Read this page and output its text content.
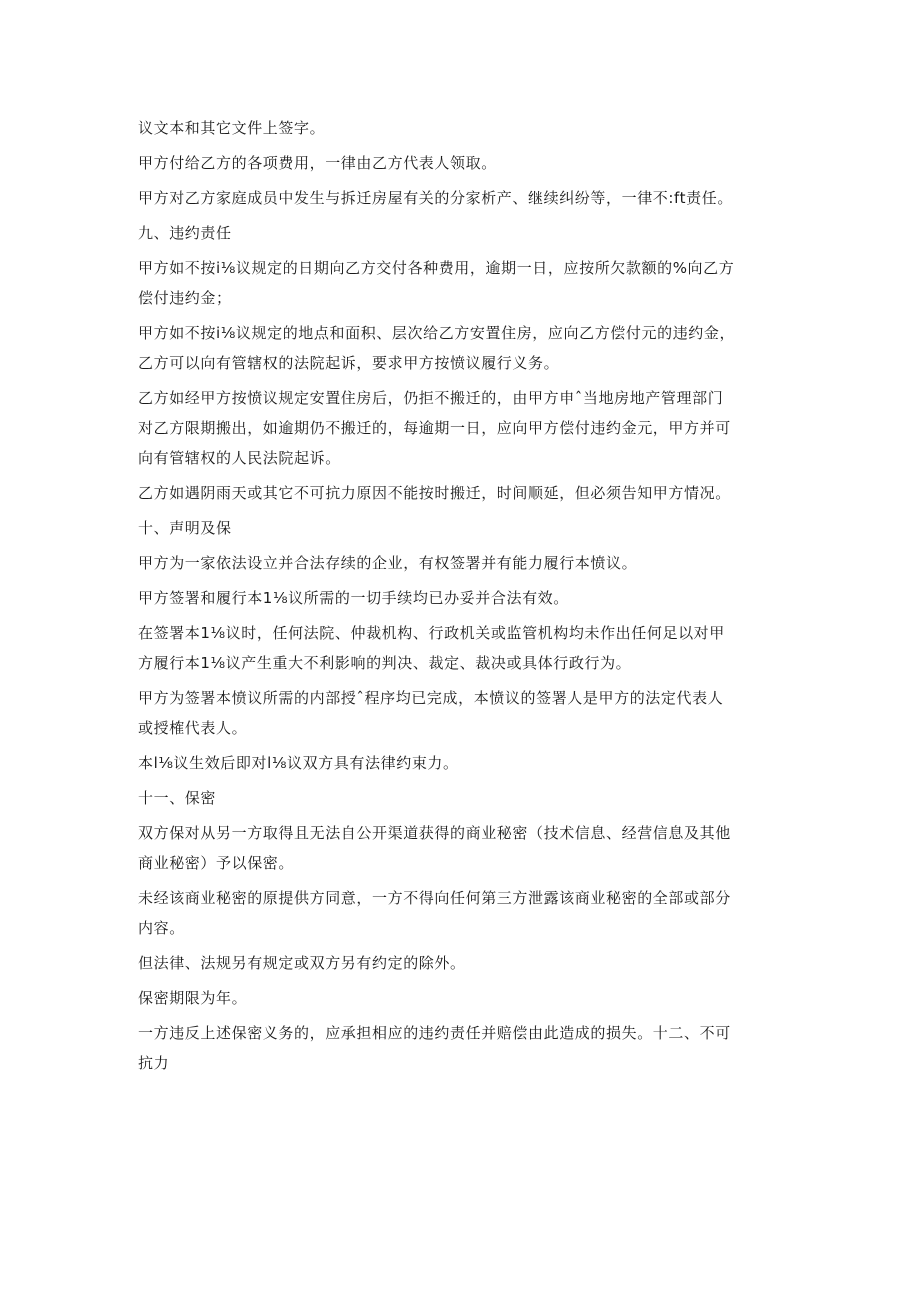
议文本和其它文件上签字。

甲方付给乙方的各项费用，一律由乙方代表人领取。

甲方对乙方家庭成员中发生与拆迁房屋有关的分家析产、继续纠纷等，一律不:ft责任。

九、违约责任

甲方如不按i⅛议规定的日期向乙方交付各种费用，逾期一日，应按所欠款额的%向乙方
偿付违约金；

甲方如不按i⅛议规定的地点和面积、层次给乙方安置住房，应向乙方偿付元的违约金，
乙方可以向有管辖权的法院起诉，要求甲方按愤议履行义务。

乙方如经甲方按愤议规定安置住房后，仍拒不搬迁的，由甲方申ˆ当地房地产管理部门
对乙方限期搬出，如逾期仍不搬迁的，每逾期一日，应向甲方偿付违约金元，甲方并可
向有管辖权的人民法院起诉。

乙方如遇阴雨天或其它不可抗力原因不能按时搬迁，时间顺延，但必须告知甲方情况。

十、声明及保

甲方为一家依法设立并合法存续的企业，有权签署并有能力履行本愤议。

甲方签署和履行本1⅛议所需的一切手续均已办妥并合法有效。

在签署本1⅛议时，任何法院、仲裁机构、行政机关或监管机构均未作出任何足以对甲
方履行本1⅛议产生重大不利影响的判决、裁定、裁决或具体行政行为。

甲方为签署本愤议所需的内部授ˆ程序均已完成，本愤议的签署人是甲方的法定代表人
或授榷代表人。

本l⅛议生效后即对l⅛议双方具有法律约束力。

十一、保密

双方保对从另一方取得且无法自公开渠道获得的商业秘密（技术信息、经营信息及其他
商业秘密）予以保密。

未经该商业秘密的原提供方同意，一方不得向任何第三方泄露该商业秘密的全部或部分
内容。

但法律、法规另有规定或双方另有约定的除外。

保密期限为年。

一方违反上述保密义务的，应承担相应的违约责任并赔偿由此造成的损失。十二、不可
抗力
